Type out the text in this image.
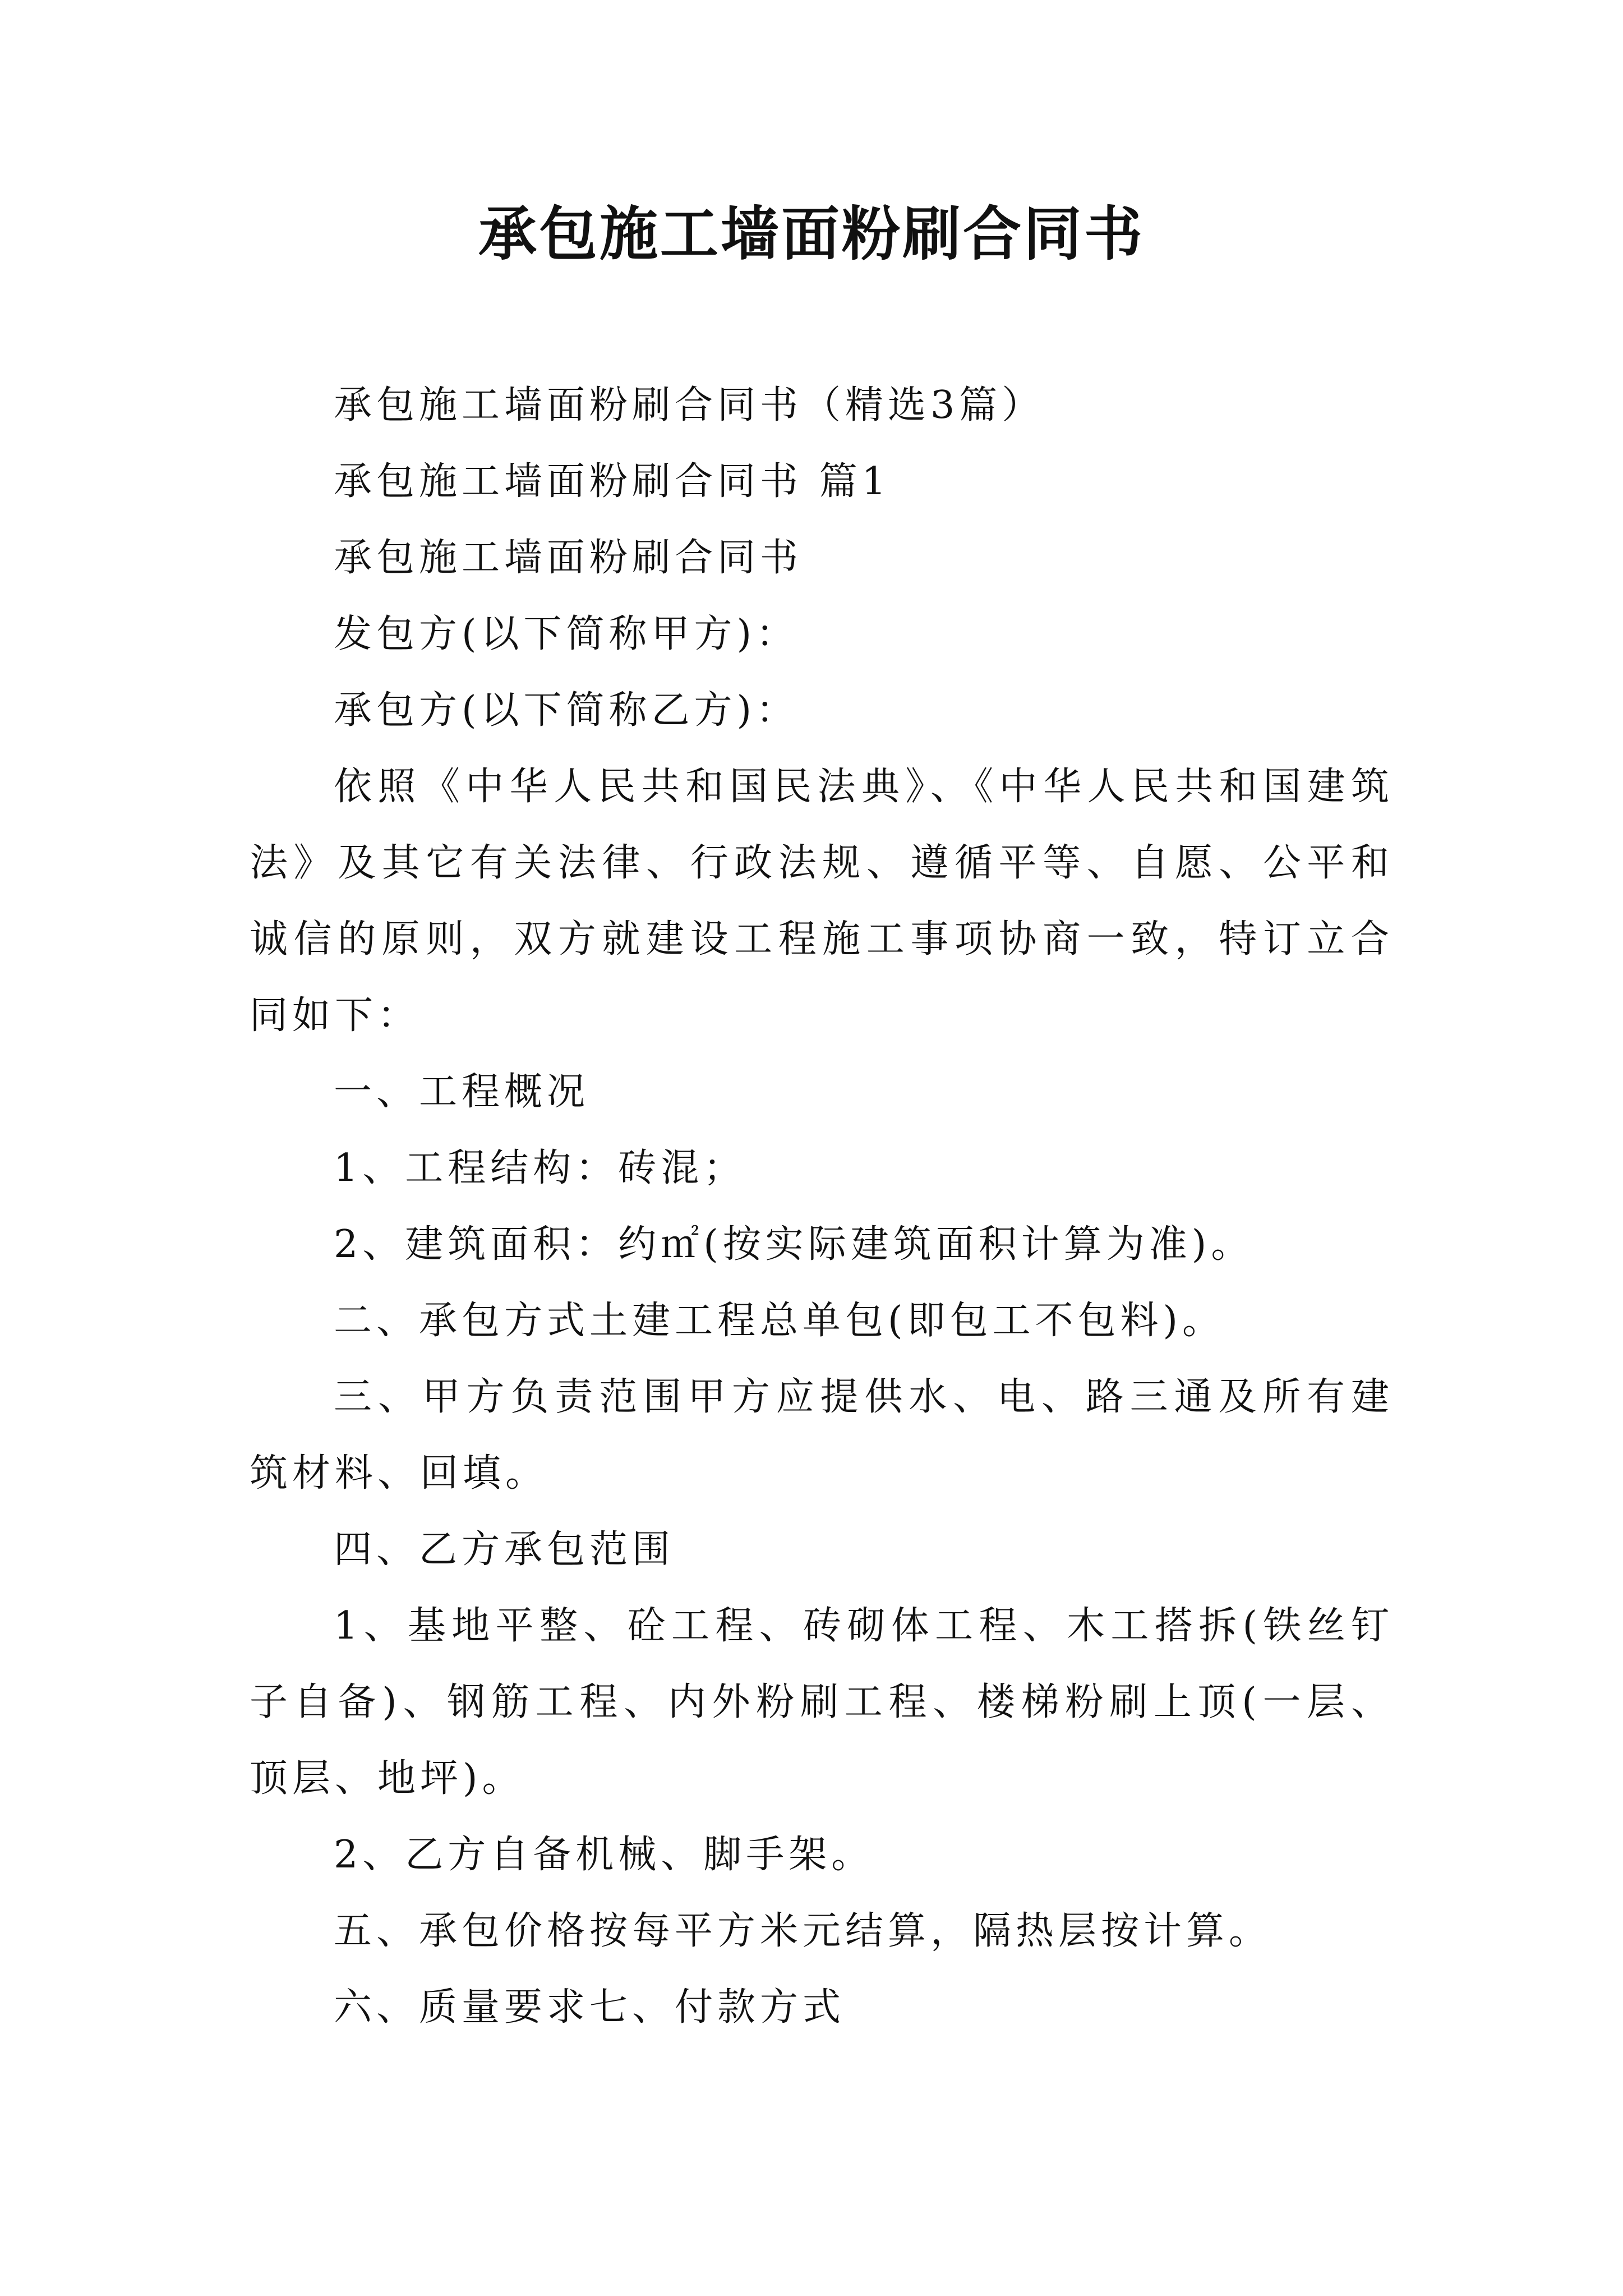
承包施工墙面粉刷合同书

承包施工墙面粉刷合同书（精选3篇）

承包施工墙面粉刷合同书 篇1

承包施工墙面粉刷合同书

发包方(以下简称甲方)：

承包方(以下简称乙方)：

依照《中华人民共和国民法典》、《中华人民共和国建筑法》及其它有关法律、行政法规、遵循平等、自愿、公平和诚信的原则，双方就建设工程施工事项协商一致，特订立合同如下：

一、工程概况

1、工程结构：砖混；

2、建筑面积：约㎡(按实际建筑面积计算为准)。

二、承包方式土建工程总单包(即包工不包料)。

三、甲方负责范围甲方应提供水、电、路三通及所有建筑材料、回填。

四、乙方承包范围

1、基地平整、砼工程、砖砌体工程、木工搭拆(铁丝钉子自备)、钢筋工程、内外粉刷工程、楼梯粉刷上顶(一层、顶层、地坪)。

2、乙方自备机械、脚手架。

五、承包价格按每平方米元结算，隔热层按计算。

六、质量要求七、付款方式
